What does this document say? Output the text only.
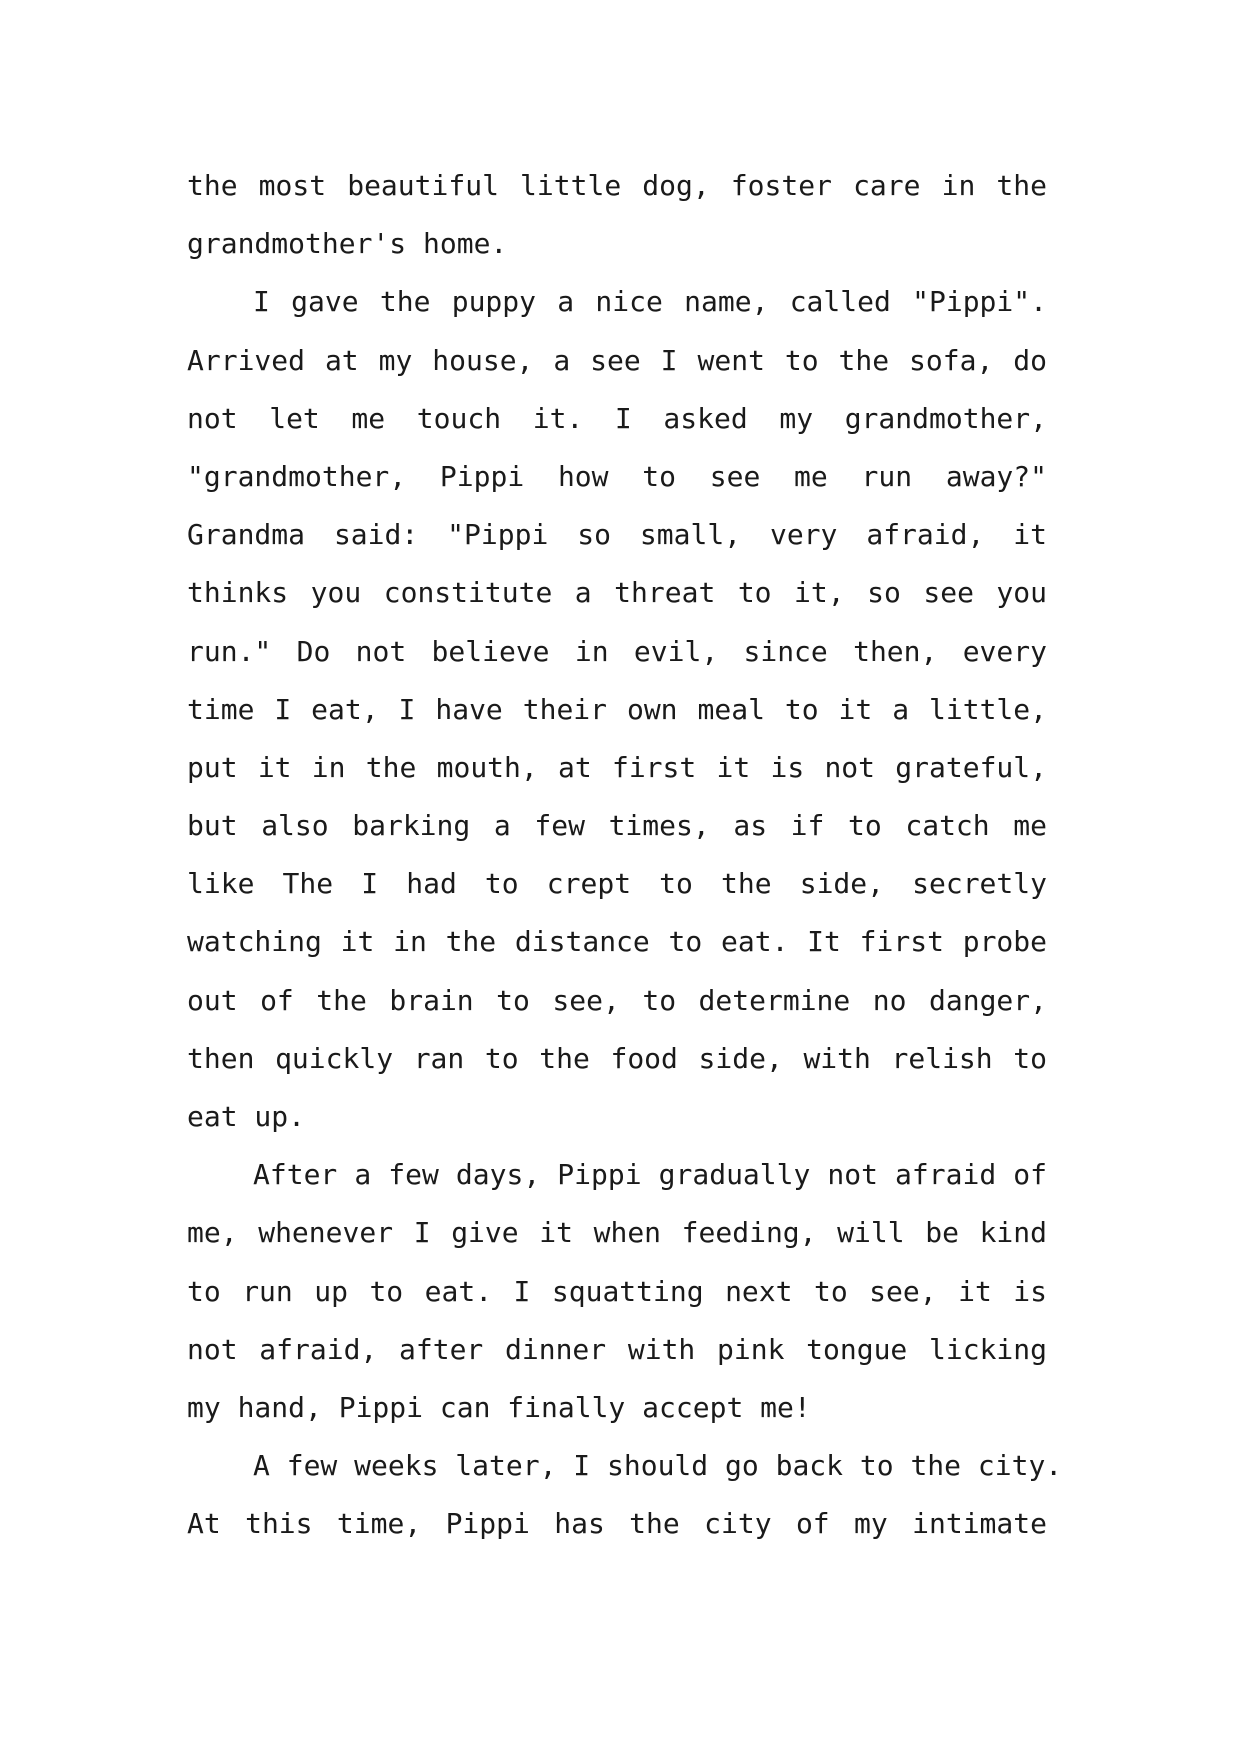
the most beautiful little dog, foster care in the
grandmother's home.
I gave the puppy a nice name, called "Pippi".
Arrived at my house, a see I went to the sofa, do
not let me touch it. I asked my grandmother,
"grandmother, Pippi how to see me run away?"
Grandma said: "Pippi so small, very afraid, it
thinks you constitute a threat to it, so see you
run." Do not believe in evil, since then, every
time I eat, I have their own meal to it a little,
put it in the mouth, at first it is not grateful,
but also barking a few times, as if to catch me
like The I had to crept to the side, secretly
watching it in the distance to eat. It first probe
out of the brain to see, to determine no danger,
then quickly ran to the food side, with relish to
eat up.
After a few days, Pippi gradually not afraid of
me, whenever I give it when feeding, will be kind
to run up to eat. I squatting next to see, it is
not afraid, after dinner with pink tongue licking
my hand, Pippi can finally accept me!
A few weeks later, I should go back to the city.
At this time, Pippi has the city of my intimate
